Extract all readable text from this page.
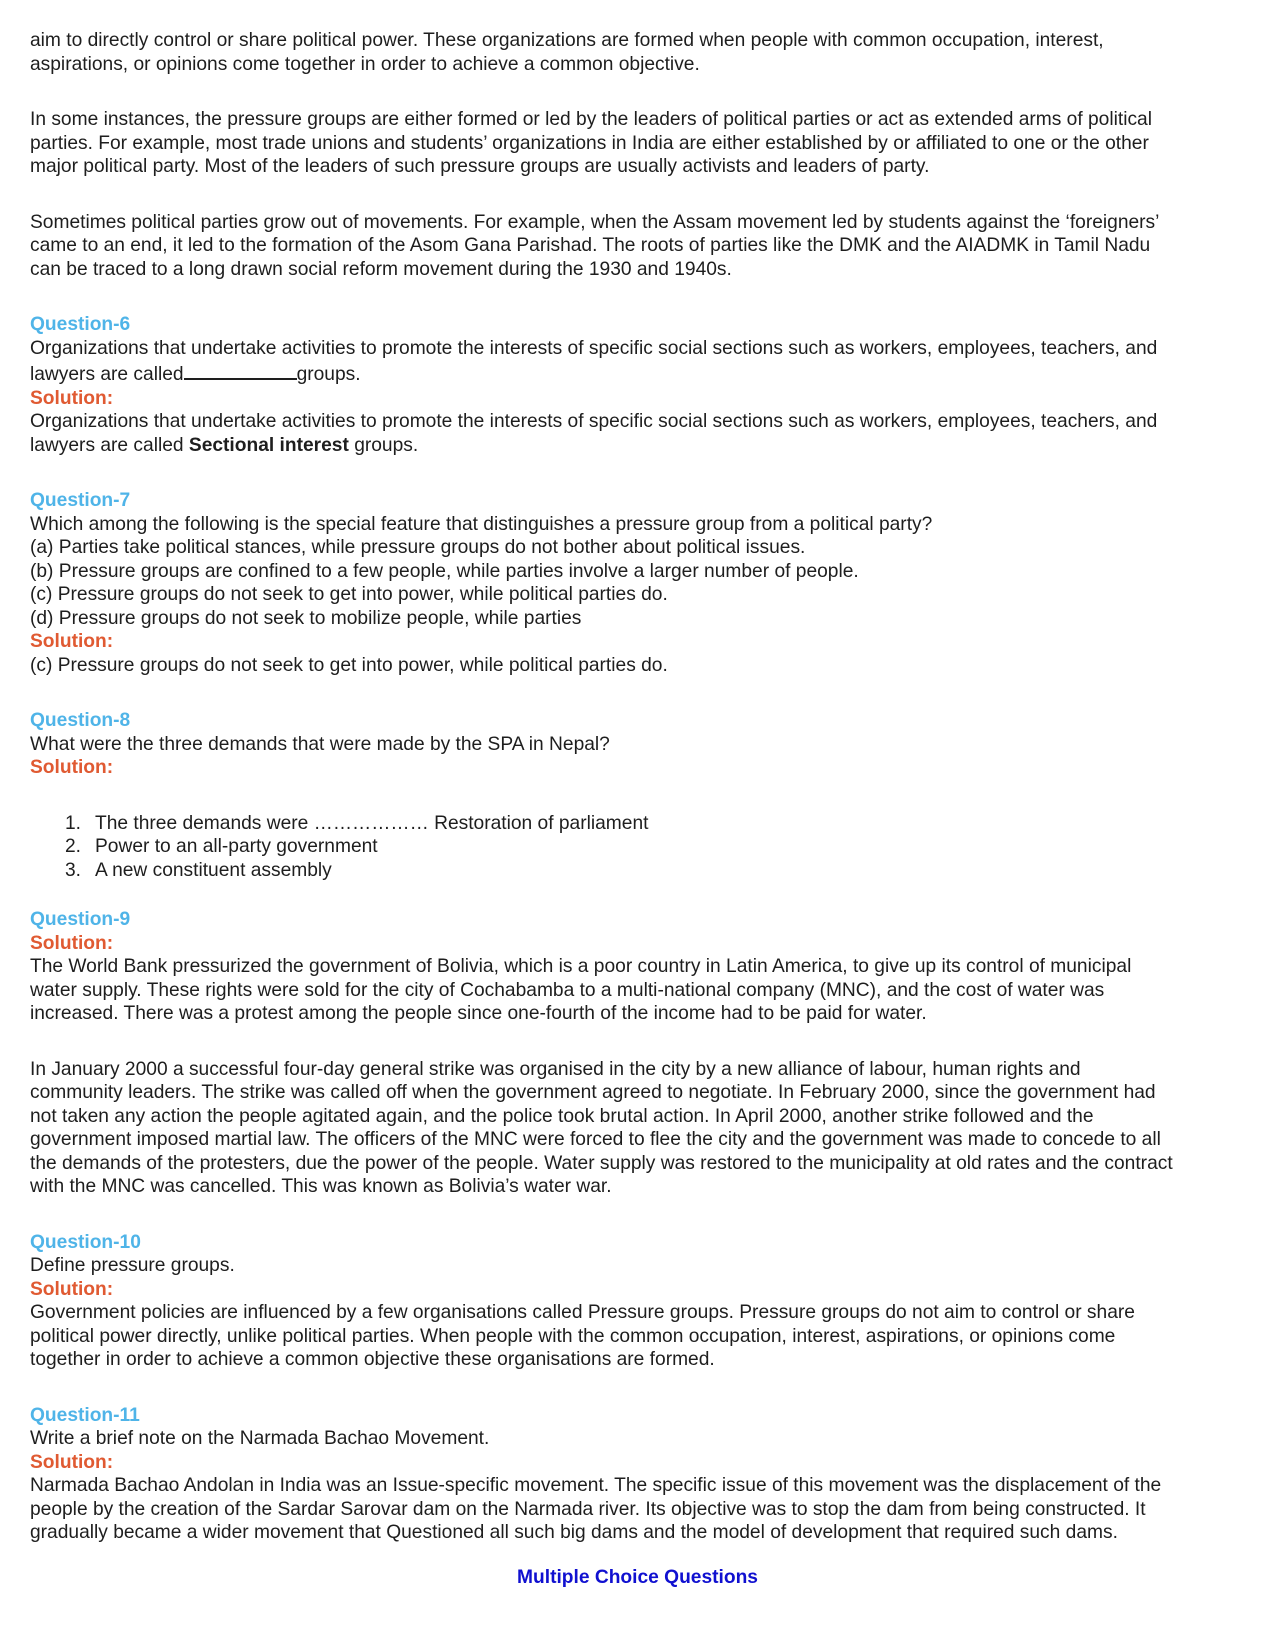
aim to directly control or share political power. These organizations are formed when people with common occupation, interest,
aspirations, or opinions come together in order to achieve a common objective.
In some instances, the pressure groups are either formed or led by the leaders of political parties or act as extended arms of political
parties. For example, most trade unions and students’ organizations in India are either established by or affiliated to one or the other
major political party. Most of the leaders of such pressure groups are usually activists and leaders of party.
Sometimes political parties grow out of movements. For example, when the Assam movement led by students against the ‘foreigners’
came to an end, it led to the formation of the Asom Gana Parishad. The roots of parties like the DMK and the AIADMK in Tamil Nadu
can be traced to a long drawn social reform movement during the 1930 and 1940s.
Question-6
Organizations that undertake activities to promote the interests of specific social sections such as workers, employees, teachers, and
lawyers are called	groups.
Solution:
Organizations that undertake activities to promote the interests of specific social sections such as workers, employees, teachers, and
lawyers are called Sectional interest groups.
Question-7
Which among the following is the special feature that distinguishes a pressure group from a political party?
(a) Parties take political stances, while pressure groups do not bother about political issues.
(b) Pressure groups are confined to a few people, while parties involve a larger number of people.
(c) Pressure groups do not seek to get into power, while political parties do.
(d) Pressure groups do not seek to mobilize people, while parties
Solution:
(c) Pressure groups do not seek to get into power, while political parties do.
Question-8
What were the three demands that were made by the SPA in Nepal?
Solution:
1. The three demands were ……………… Restoration of parliament
2. Power to an all-party government
3. A new constituent assembly
Question-9
Solution:
The World Bank pressurized the government of Bolivia, which is a poor country in Latin America, to give up its control of municipal
water supply. These rights were sold for the city of Cochabamba to a multi-national company (MNC), and the cost of water was
increased. There was a protest among the people since one-fourth of the income had to be paid for water.
In January 2000 a successful four-day general strike was organised in the city by a new alliance of labour, human rights and
community leaders. The strike was called off when the government agreed to negotiate. In February 2000, since the government had
not taken any action the people agitated again, and the police took brutal action. In April 2000, another strike followed and the
government imposed martial law. The officers of the MNC were forced to flee the city and the government was made to concede to all
the demands of the protesters, due the power of the people. Water supply was restored to the municipality at old rates and the contract
with the MNC was cancelled. This was known as Bolivia’s water war.
Question-10
Define pressure groups.
Solution:
Government policies are influenced by a few organisations called Pressure groups. Pressure groups do not aim to control or share
political power directly, unlike political parties. When people with the common occupation, interest, aspirations, or opinions come
together in order to achieve a common objective these organisations are formed.
Question-11
Write a brief note on the Narmada Bachao Movement.
Solution:
Narmada Bachao Andolan in India was an Issue-specific movement. The specific issue of this movement was the displacement of the
people by the creation of the Sardar Sarovar dam on the Narmada river. Its objective was to stop the dam from being constructed. It
gradually became a wider movement that Questioned all such big dams and the model of development that required such dams.
Multiple Choice Questions
